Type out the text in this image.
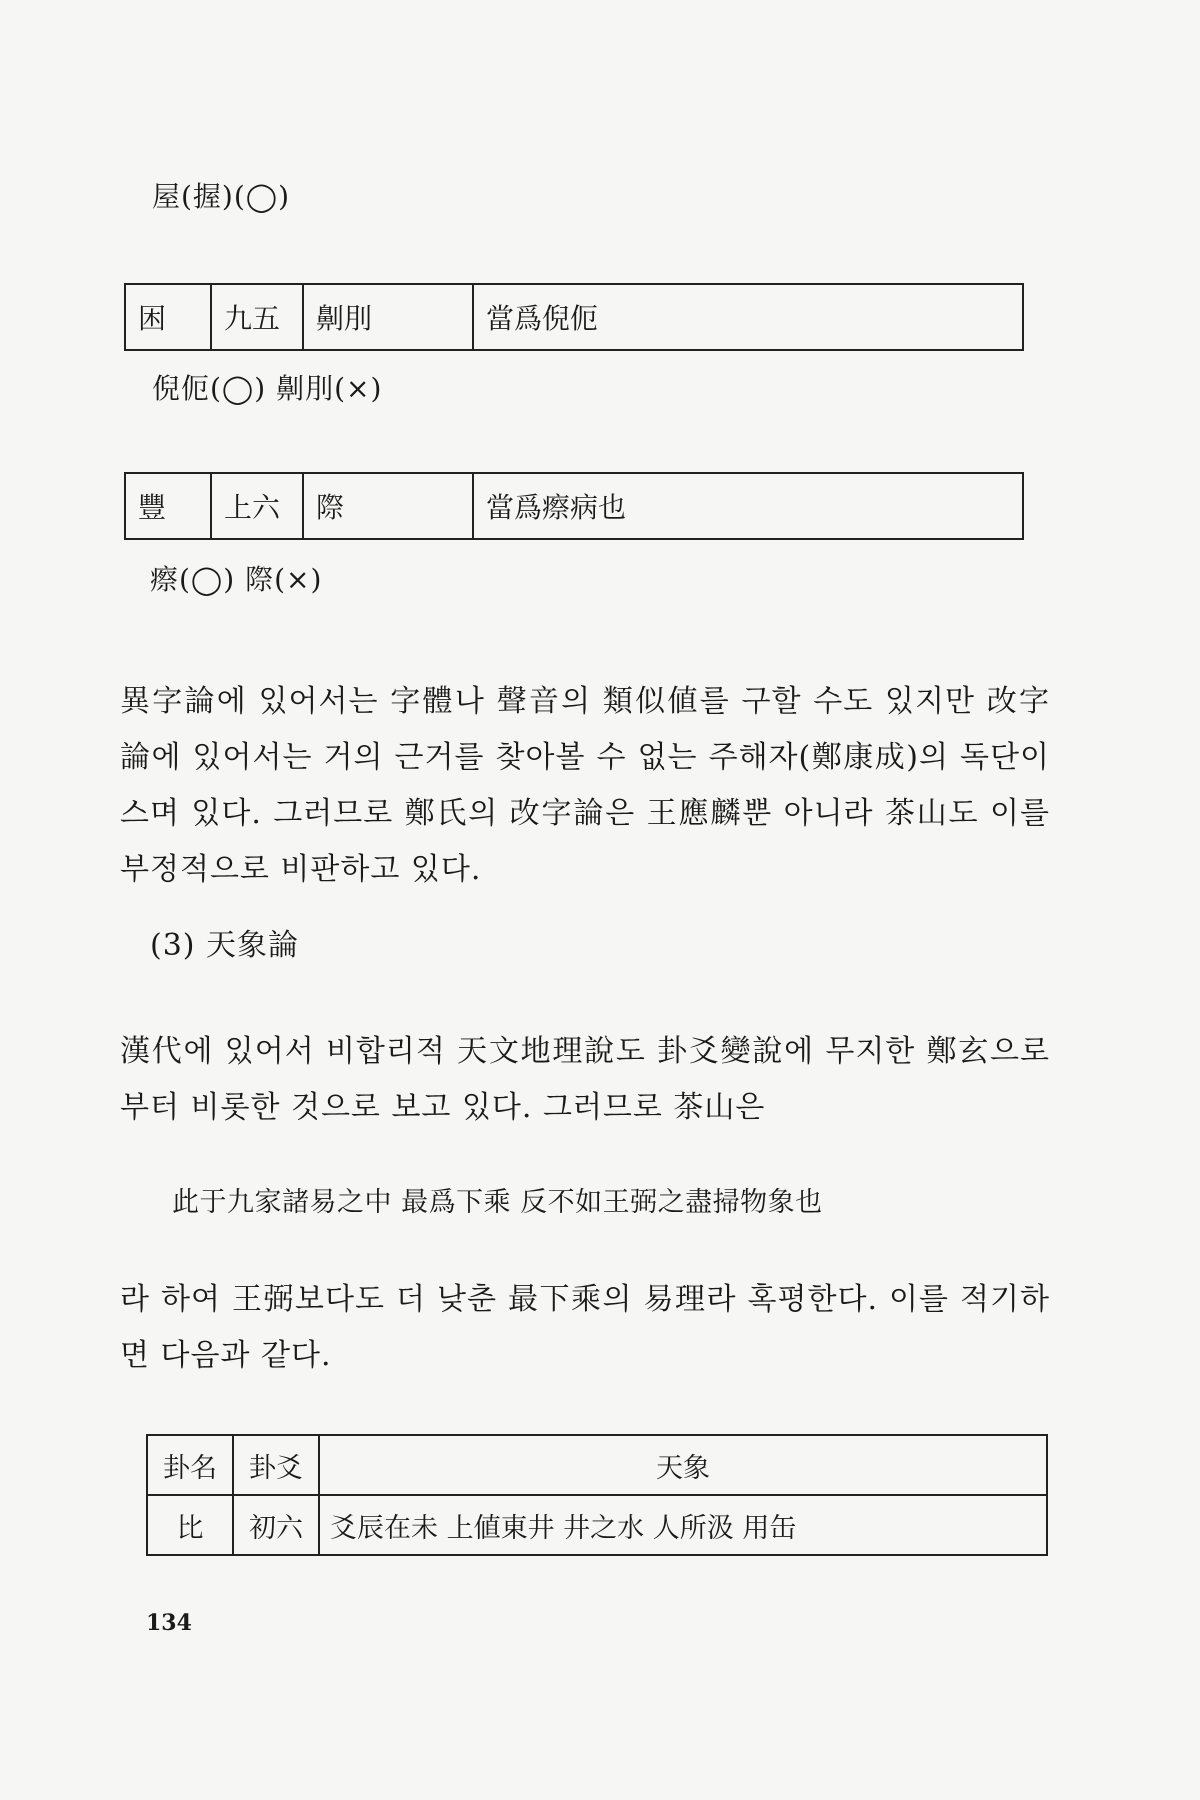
屋(握)(◯)
困	九五	劓刖	當爲倪伌
倪伌(◯) 劓刖(×)
豐	上六	際	當爲瘵病也
瘵(◯) 際(×)
異字論에 있어서는 字體나 聲音의 類似値를 구할 수도 있지만 改字論에 있어서는 거의 근거를 찾아볼 수 없는 주해자(鄭康成)의 독단이 스며 있다. 그러므로 鄭氏의 改字論은 王應麟뿐 아니라 茶山도 이를 부정적으로 비판하고 있다.
(3) 天象論
漢代에 있어서 비합리적 天文地理說도 卦爻變說에 무지한 鄭玄으로부터 비롯한 것으로 보고 있다. 그러므로 茶山은
此于九家諸易之中 最爲下乘 反不如王弼之盡掃物象也
라 하여 王弼보다도 더 낮춘 最下乘의 易理라 혹평한다. 이를 적기하면 다음과 같다.
卦名	卦爻	天象
比	初六	爻辰在未 上値東井 井之水 人所汲 用缶
134
